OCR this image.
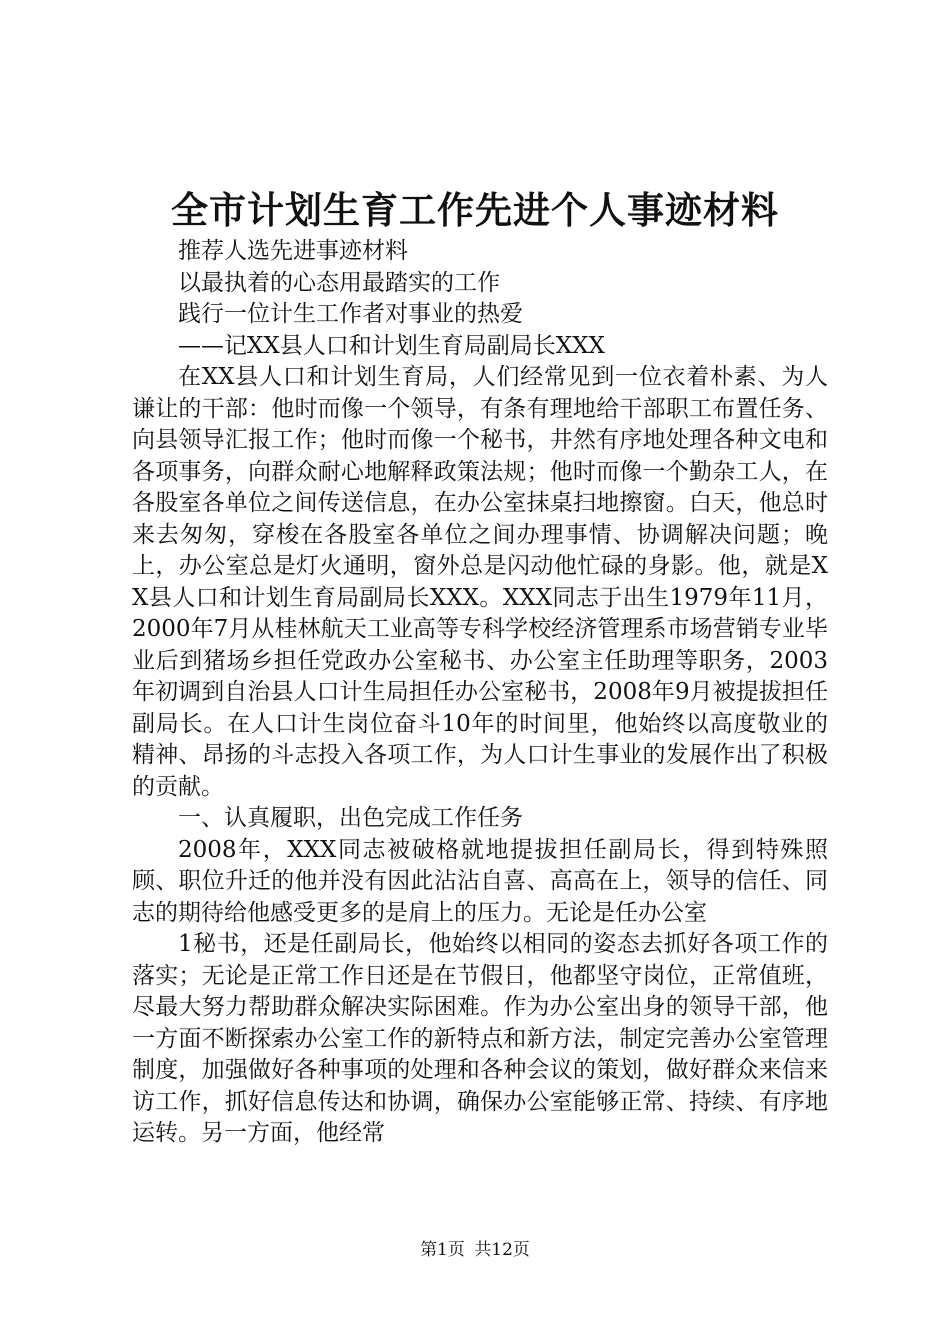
全市计划生育工作先进个人事迹材料

推荐人选先进事迹材料

以最执着的心态用最踏实的工作

践行一位计生工作者对事业的热爱

——记XX县人口和计划生育局副局长XXX

在XX县人口和计划生育局，人们经常见到一位衣着朴素、为人谦让的干部：他时而像一个领导，有条有理地给干部职工布置任务、向县领导汇报工作；他时而像一个秘书，井然有序地处理各种文电和各项事务，向群众耐心地解释政策法规；他时而像一个勤杂工人，在各股室各单位之间传送信息，在办公室抹桌扫地擦窗。白天，他总时来去匆匆，穿梭在各股室各单位之间办理事情、协调解决问题；晚上，办公室总是灯火通明，窗外总是闪动他忙碌的身影。他，就是XX县人口和计划生育局副局长XXX。XXX同志于出生1979年11月，2000年7月从桂林航天工业高等专科学校经济管理系市场营销专业毕业后到猪场乡担任党政办公室秘书、办公室主任助理等职务，2003年初调到自治县人口计生局担任办公室秘书，2008年9月被提拔担任副局长。在人口计生岗位奋斗10年的时间里，他始终以高度敬业的精神、昂扬的斗志投入各项工作，为人口计生事业的发展作出了积极的贡献。

一、认真履职，出色完成工作任务

2008年，XXX同志被破格就地提拔担任副局长，得到特殊照顾、职位升迁的他并没有因此沾沾自喜、高高在上，领导的信任、同志的期待给他感受更多的是肩上的压力。无论是任办公室

1秘书，还是任副局长，他始终以相同的姿态去抓好各项工作的落实；无论是正常工作日还是在节假日，他都坚守岗位，正常值班，尽最大努力帮助群众解决实际困难。作为办公室出身的领导干部，他一方面不断探索办公室工作的新特点和新方法，制定完善办公室管理制度，加强做好各种事项的处理和各种会议的策划，做好群众来信来访工作，抓好信息传达和协调，确保办公室能够正常、持续、有序地运转。另一方面，他经常

第1页 共12页
